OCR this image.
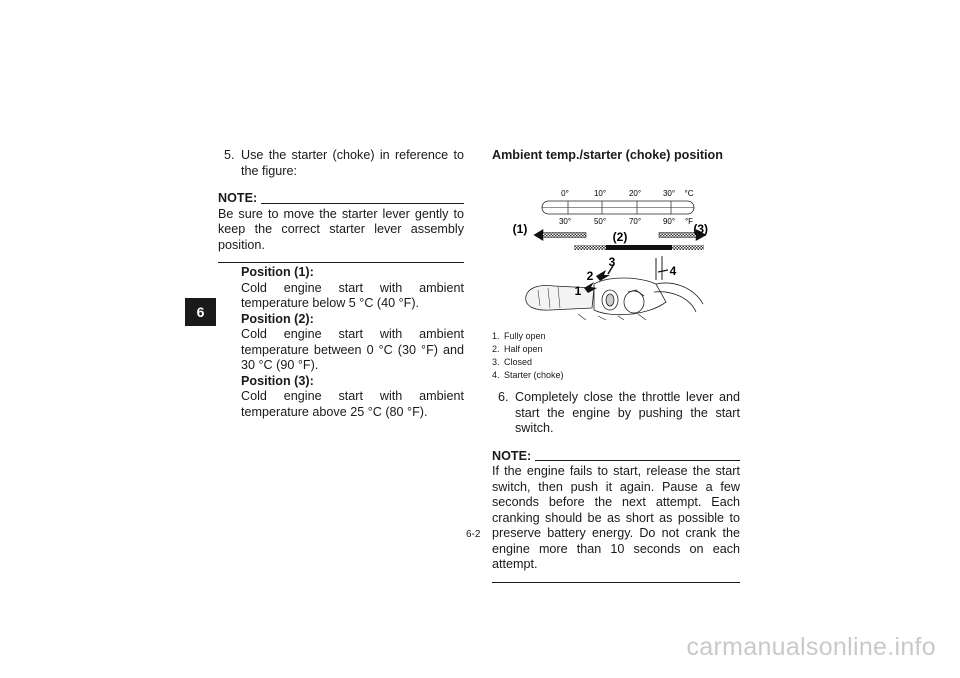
6
5. Use the starter (choke) in reference to the figure:
NOTE:
Be sure to move the starter lever gently to keep the correct starter lever assembly position.
Position (1):
Cold engine start with ambient temperature below 5 °C (40 °F).
Position (2):
Cold engine start with ambient temperature between 0 °C (30 °F) and 30 °C (90 °F).
Position (3):
Cold engine start with ambient temperature above 25 °C (80 °F).
Ambient temp./starter (choke) position
0°	10°	20°	30° °C
30°	50°	70°	90° °F
(1)
(2)
(3)
1
2
3
4
1. Fully open
2. Half open
3. Closed
4. Starter (choke)
6. Completely close the throttle lever and start the engine by pushing the start switch.
NOTE:
If the engine fails to start, release the start switch, then push it again. Pause a few seconds before the next attempt. Each cranking should be as short as possible to preserve battery energy. Do not crank the engine more than 10 seconds on each attempt.
6-2
carmanualsonline.info
